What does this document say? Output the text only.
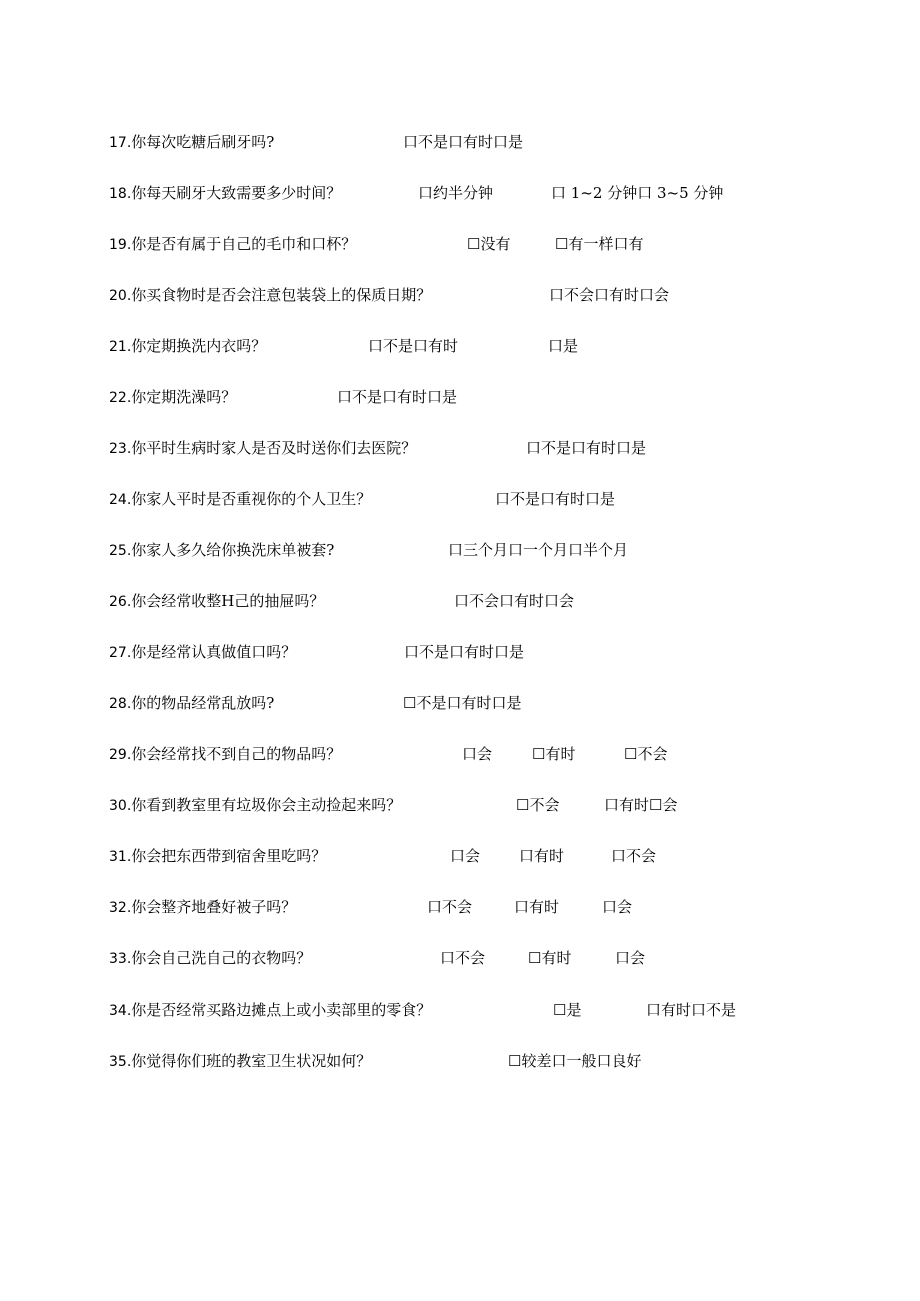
17.你每次吃糖后刷牙吗?	口不是口有时口是
18.你每天刷牙大致需要多少时间？	口约半分钟	口 1~2 分钟口 3~5 分钟
19.你是否有属于自己的毛巾和口杯？	☐没有	☐有一样口有
20.你买食物时是否会注意包装袋上的保质日期？	口不会口有时口会
21.你定期换洗内衣吗？	口不是口有时	口是
22.你定期洗澡吗？	口不是口有时口是
23.你平时生病时家人是否及时送你们去医院？	口不是口有时口是
24.你家人平时是否重视你的个人卫生？	口不是口有时口是
25.你家人多久给你换洗床单被套?	口三个月口一个月口半个月
26.你会经常收整H己的抽屉吗？	口不会口有时口会
27.你是经常认真做值口吗？	口不是口有时口是
28.你的物品经常乱放吗?	☐不是口有时口是
29.你会经常找不到自己的物品吗？	口会	☐有时	☐不会
30.你看到教室里有垃圾你会主动捡起来吗？	☐不会	口有时☐会
31.你会把东西带到宿舍里吃吗？	口会	口有时	口不会
32.你会整齐地叠好被子吗？	口不会	口有时	口会
33.你会自己洗自己的衣物吗？	口不会	☐有时	口会
34.你是否经常买路边摊点上或小卖部里的零食？	☐是	口有时口不是
35.你觉得你们班的教室卫生状况如何？	☐较差口一般口良好
